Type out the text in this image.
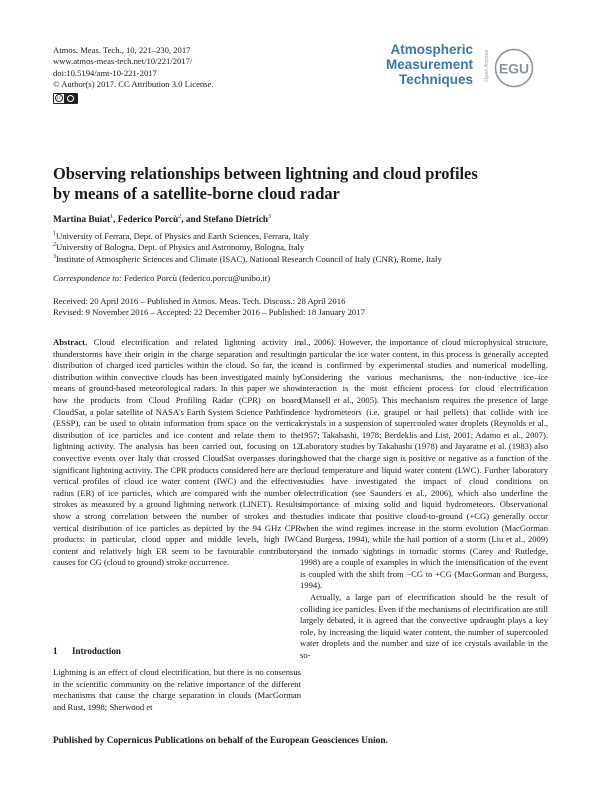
Atmos. Meas. Tech., 10, 221–230, 2017
www.atmos-meas-tech.net/10/221/2017/
doi:10.5194/amt-10-221-2017
© Author(s) 2017. CC Attribution 3.0 License.
cc
Atmospheric
Measurement
Techniques Open Access EGU
Observing relationships between lightning and cloud profiles
by means of a satellite-borne cloud radar
Martina Buiat$^1$, Federico Porcù$^2$, and Stefano Dietrich$^3$
$^1$University of Ferrara, Dept. of Physics and Earth Sciences, Ferrara, Italy
$^2$University of Bologna, Dept. of Physics and Astronomy, Bologna, Italy
$^3$Institute of Atmospheric Sciences and Climate (ISAC), National Research Council of Italy (CNR), Rome, Italy
Correspondence to: Federico Porcù (federico.porcu@unibo.it)
Received: 20 April 2016 – Published in Atmos. Meas. Tech. Discuss.: 28 April 2016
Revised: 9 November 2016 – Accepted: 22 December 2016 – Published: 18 January 2017
Abstract. Cloud electrification and related lightning activity in thunderstorms have their origin in the charge separation and resulting distribution of charged iced particles within the cloud. So far, the ice distribution within convective clouds has been investigated mainly by means of ground-based meteorological radars. In this paper we show how the products from Cloud Profiling Radar (CPR) on board CloudSat, a polar satellite of NASA's Earth System Science Pathfinder (ESSP), can be used to obtain information from space on the vertical distribution of ice particles and ice content and relate them to the lightning activity. The analysis has been carried out, focusing on 12 convective events over Italy that crossed CloudSat overpasses during significant lightning activity. The CPR products considered here are the vertical profiles of cloud ice water content (IWC) and the effective radius (ER) of ice particles, which are compared with the number of strokes as measured by a ground lightning network (LINET). Results show a strong correlation between the number of strokes and the vertical distribution of ice particles as depicted by the 94 GHz CPR products: in particular, cloud upper and middle levels, high IWC content and relatively high ER seem to be favourable contributory causes for CG (cloud to ground) stroke occurrence.
1 Introduction
Lightning is an effect of cloud electrification, but there is no consensus in the scientific community on the relative importance of the different mechanisms that cause the charge separation in clouds (MacGorman and Rust, 1998; Sherwood et

al., 2006). However, the importance of cloud microphysical structure, in particular the ice water content, in this process is generally accepted and is confirmed by experimental studies and numerical modelling. Considering the various mechanisms, the non-inductive ice–ice interaction is the most efficient process for cloud electrification (Mansell et al., 2005). This mechanism requires the presence of large ice hydrometeors (i.e. graupel or hail pellets) that collide with ice crystals in a suspension of supercooled water droplets (Reynolds et al., 1957; Takahashi, 1978; Berdeklis and List, 2001; Adamo et al., 2007). Laboratory studies by Takahashi (1978) and Jayaratne et al. (1983) also showed that the charge sign is positive or negative as a function of the cloud temperature and liquid water content (LWC). Further laboratory studies have investigated the impact of cloud conditions on electrification (see Saunders et al., 2006), which also underline the importance of mixing solid and liquid hydrometeors. Observational studies indicate that positive cloud-to-ground (+CG) generally occur when the wind regimes increase in the storm evolution (MacGorman and Burgess, 1994), while the hail portion of a storm (Liu et al., 2009) and the tornado sightings in tornadic storms (Carey and Rutledge, 1998) are a couple of examples in which the intensification of the event is coupled with the shift from −CG to +CG (MacGorman and Burgess, 1994).

Actually, a large part of electrification should be the result of colliding ice particles. Even if the mechanisms of electrification are still largely debated, it is agreed that the convective updraught plays a key role, by increasing the liquid water content, the number of supercooled water droplets and the number and size of ice crystals available in the so-

Published by Copernicus Publications on behalf of the European Geosciences Union.
